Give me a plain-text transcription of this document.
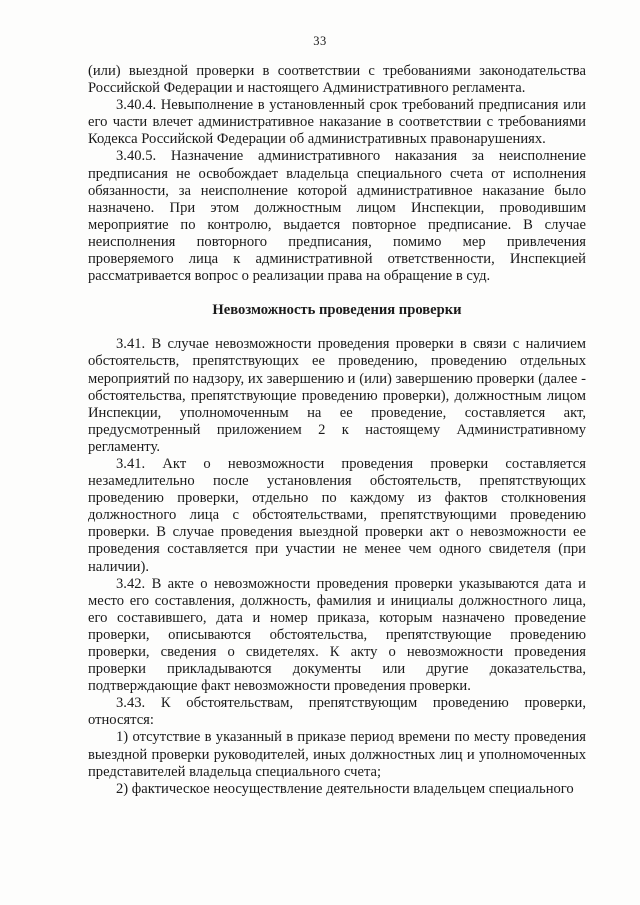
33

(или) выездной проверки в соответствии с требованиями законодательства Российской Федерации и настоящего Административного регламента.

3.40.4. Невыполнение в установленный срок требований предписания или его части влечет административное наказание в соответствии с требованиями Кодекса Российской Федерации об административных правонарушениях.

3.40.5. Назначение административного наказания за неисполнение предписания не освобождает владельца специального счета от исполнения обязанности, за неисполнение которой административное наказание было назначено. При этом должностным лицом Инспекции, проводившим мероприятие по контролю, выдается повторное предписание. В случае неисполнения повторного предписания, помимо мер привлечения проверяемого лица к административной ответственности, Инспекцией рассматривается вопрос о реализации права на обращение в суд.

Невозможность проведения проверки

3.41. В случае невозможности проведения проверки в связи с наличием обстоятельств, препятствующих ее проведению, проведению отдельных мероприятий по надзору, их завершению и (или) завершению проверки (далее - обстоятельства, препятствующие проведению проверки), должностным лицом Инспекции, уполномоченным на ее проведение, составляется акт, предусмотренный приложением 2 к настоящему Административному регламенту.

3.41. Акт о невозможности проведения проверки составляется незамедлительно после установления обстоятельств, препятствующих проведению проверки, отдельно по каждому из фактов столкновения должностного лица с обстоятельствами, препятствующими проведению проверки. В случае проведения выездной проверки акт о невозможности ее проведения составляется при участии не менее чем одного свидетеля (при наличии).

3.42. В акте о невозможности проведения проверки указываются дата и место его составления, должность, фамилия и инициалы должностного лица, его составившего, дата и номер приказа, которым назначено проведение проверки, описываются обстоятельства, препятствующие проведению проверки, сведения о свидетелях. К акту о невозможности проведения проверки прикладываются документы или другие доказательства, подтверждающие факт невозможности проведения проверки.

3.43. К обстоятельствам, препятствующим проведению проверки, относятся:

1) отсутствие в указанный в приказе период времени по месту проведения выездной проверки руководителей, иных должностных лиц и уполномоченных представителей владельца специального счета;

2) фактическое неосуществление деятельности владельцем специального
